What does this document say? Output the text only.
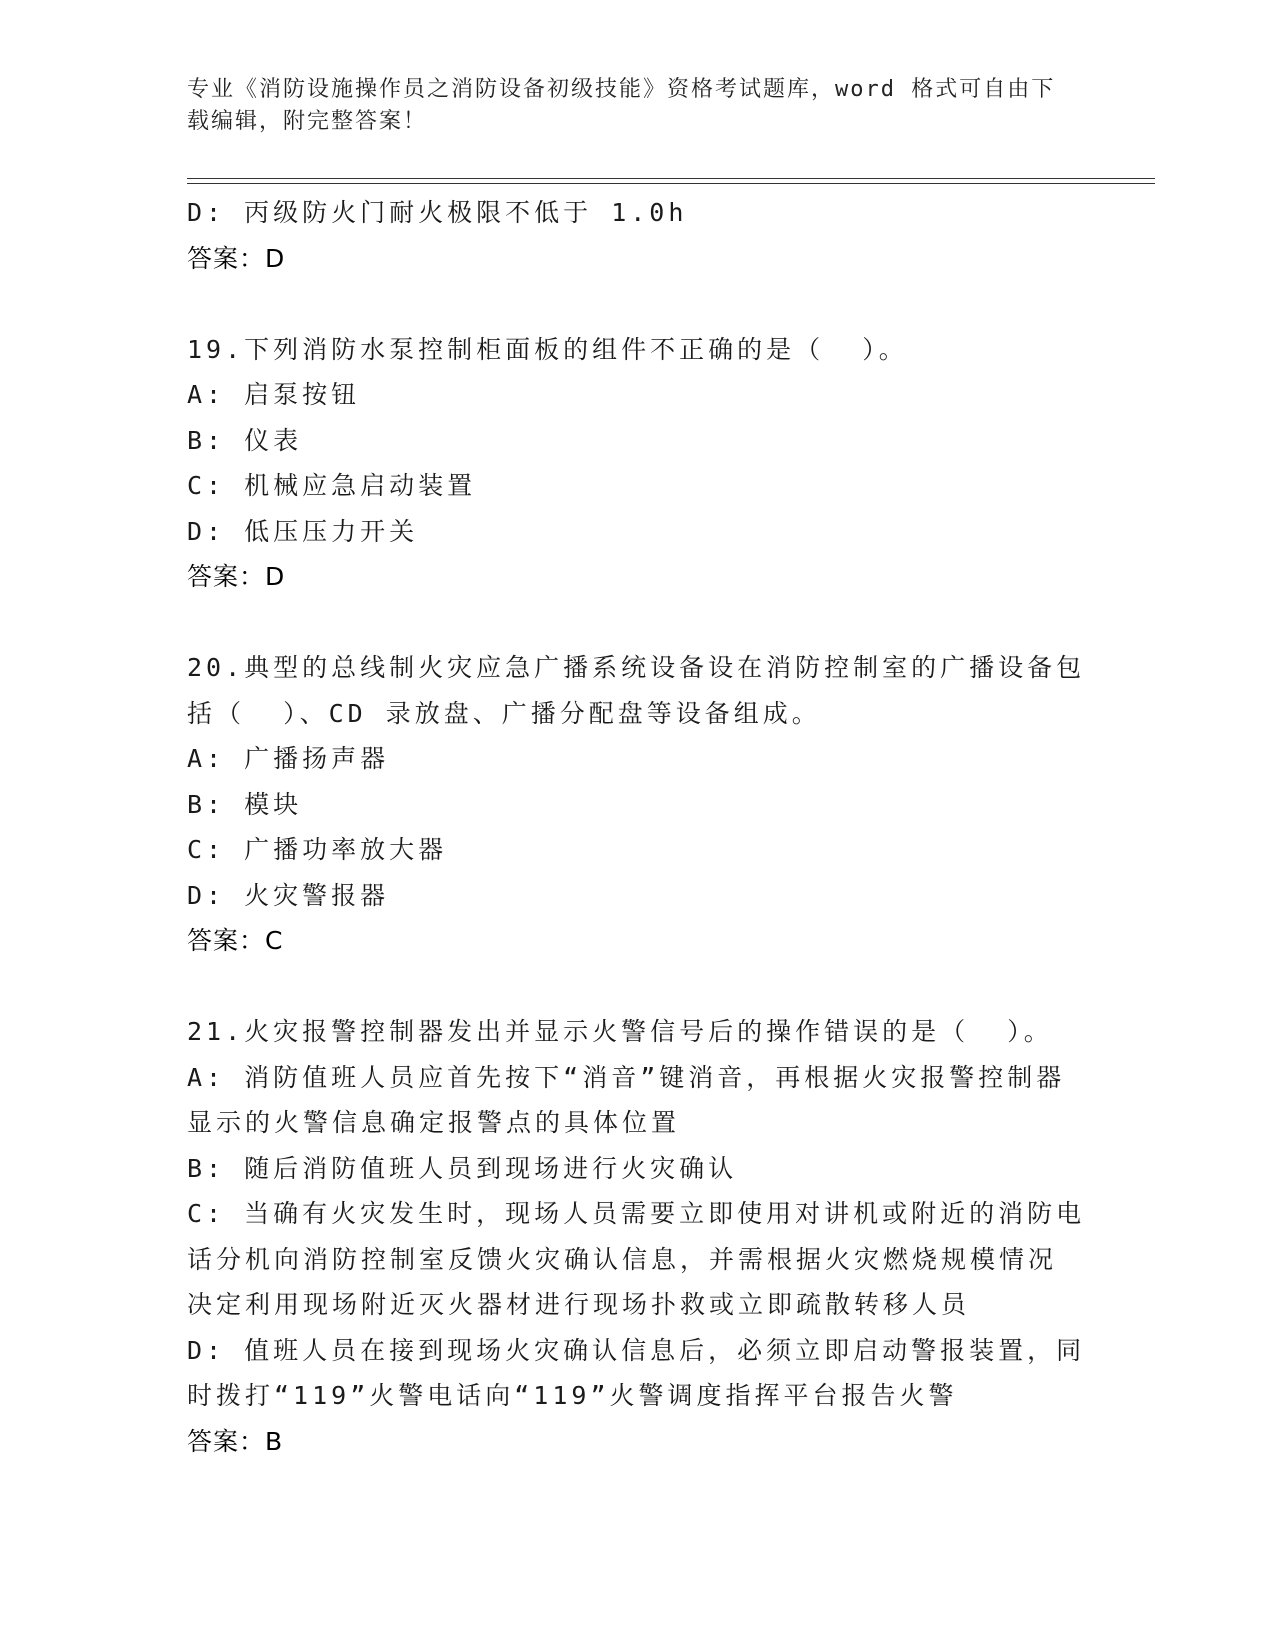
专业《消防设施操作员之消防设备初级技能》资格考试题库，word 格式可自由下
载编辑，附完整答案！
D: 丙级防火门耐火极限不低于 1.0h
答案：D
19.下列消防水泵控制柜面板的组件不正确的是（  ）。
A: 启泵按钮
B: 仪表
C: 机械应急启动装置
D: 低压压力开关
答案：D
20.典型的总线制火灾应急广播系统设备设在消防控制室的广播设备包
括（  ）、CD 录放盘、广播分配盘等设备组成。
A: 广播扬声器
B: 模块
C: 广播功率放大器
D: 火灾警报器
答案：C
21.火灾报警控制器发出并显示火警信号后的操作错误的是（  ）。
A: 消防值班人员应首先按下“消音”键消音，再根据火灾报警控制器
显示的火警信息确定报警点的具体位置
B: 随后消防值班人员到现场进行火灾确认
C: 当确有火灾发生时，现场人员需要立即使用对讲机或附近的消防电
话分机向消防控制室反馈火灾确认信息，并需根据火灾燃烧规模情况
决定利用现场附近灭火器材进行现场扑救或立即疏散转移人员
D: 值班人员在接到现场火灾确认信息后，必须立即启动警报装置，同
时拨打“119”火警电话向“119”火警调度指挥平台报告火警
答案：B
